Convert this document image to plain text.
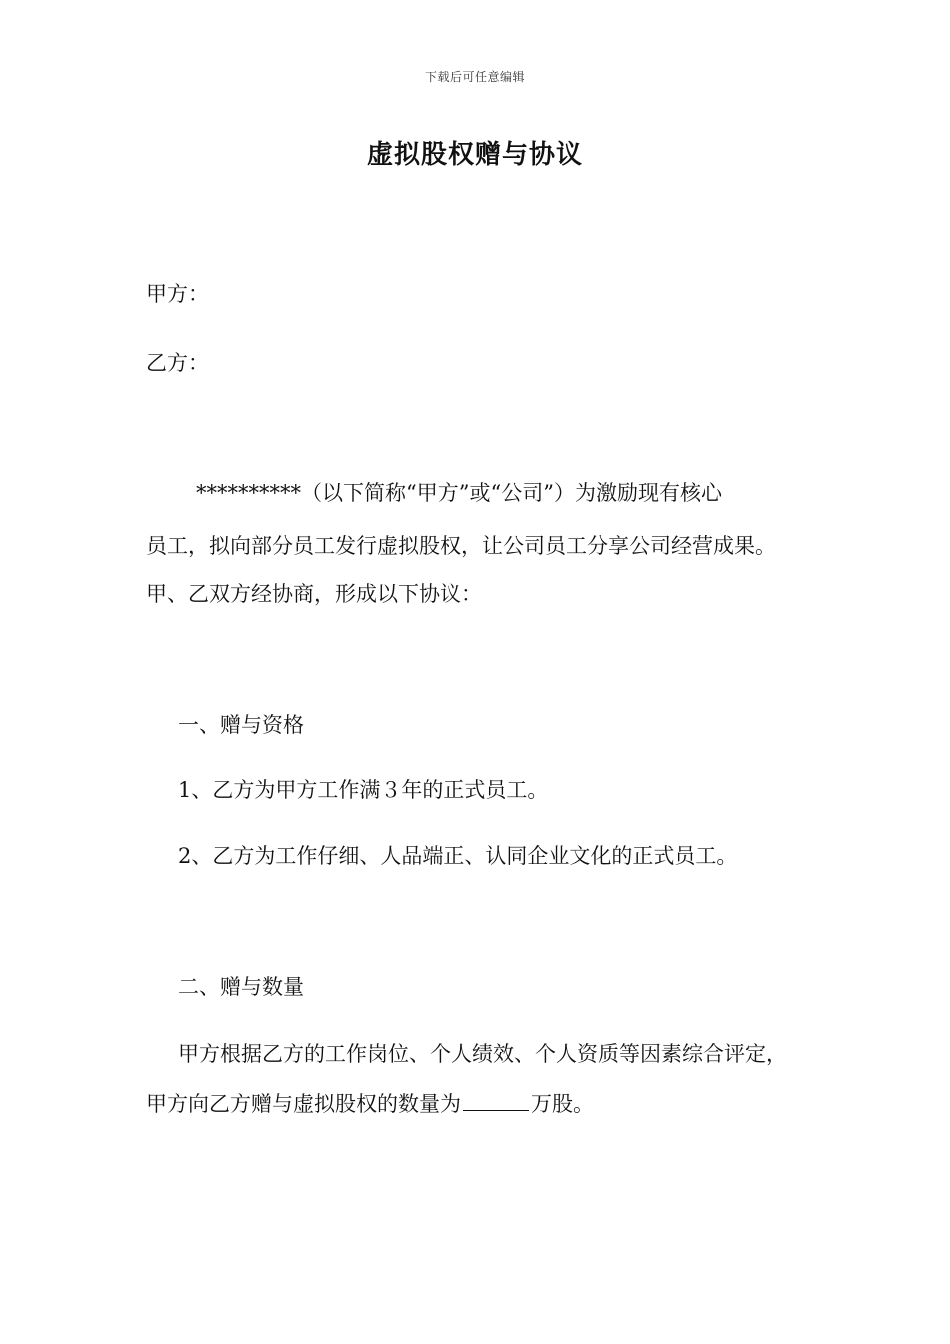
下载后可任意编辑
虚拟股权赠与协议
甲方：
乙方：
**********（以下简称“甲方”或“公司”）为激励现有核心
员工，拟向部分员工发行虚拟股权，让公司员工分享公司经营成果。
甲、乙双方经协商，形成以下协议：
一、赠与资格
1、乙方为甲方工作满３年的正式员工。
2、乙方为工作仔细、人品端正、认同企业文化的正式员工。
二、赠与数量
甲方根据乙方的工作岗位、个人绩效、个人资质等因素综合评定，
甲方向乙方赠与虚拟股权的数量为	万股。
